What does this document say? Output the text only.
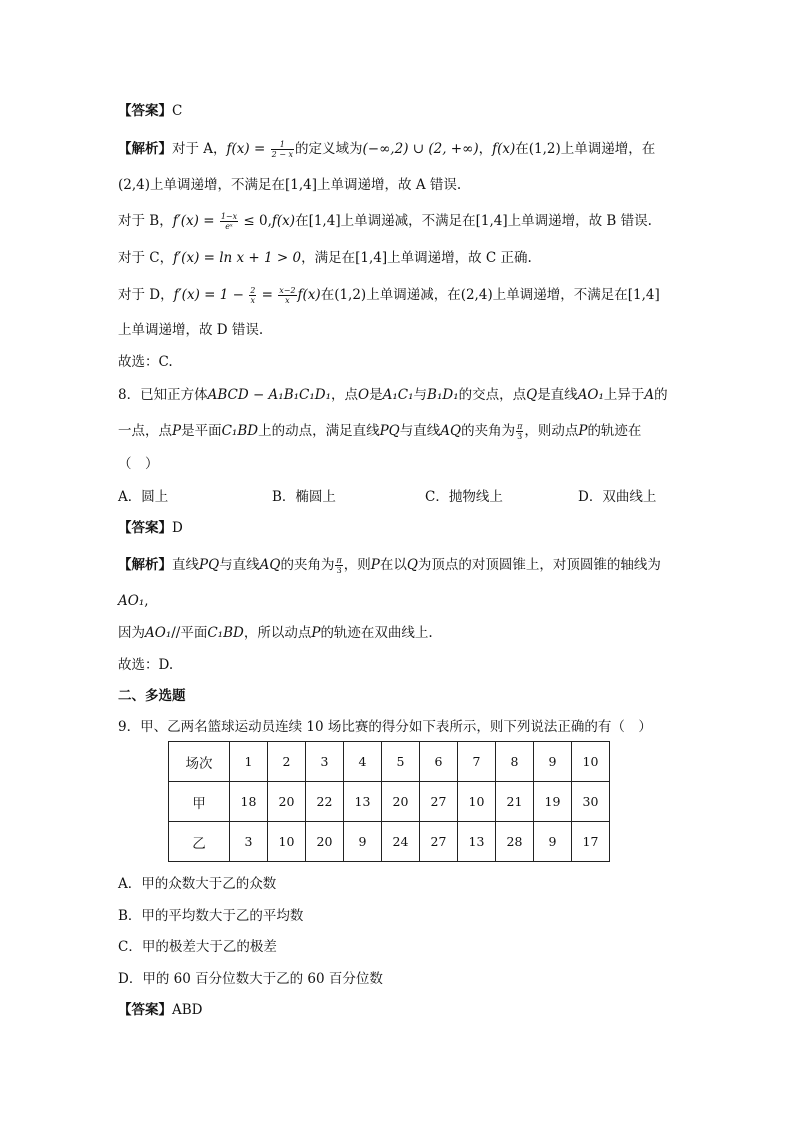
【答案】C
【解析】对于 A，$f(x) = \frac{1}{2 - x}$ 的定义域为(−∞,2) ∪ (2, +∞)，f(x)在(1,2)上单调递增，在
(2,4)上单调递增，不满足在[1,4]上单调递增，故 A 错误.
对于 B，$f'(x) = \frac{1-x}{\text{eˣ}} \le 0,f(x)$在[1,4]上单调递减，不满足在[1,4]上单调递增，故 B 错误.
对于 C，f′(x) = ln x + 1 > 0，满足在[1,4]上单调递增，故 C 正确.
对于 D，$f'(x) = 1 - \frac{2}{x} = \frac{x-2}{x} f(x)$在(1,2)上单调递减，在(2,4)上单调递增，不满足在[1,4]
上单调递增，故 D 错误.
故选：C.
8．已知正方体ABCD − A₁B₁C₁D₁，点O是A₁C₁与B₁D₁的交点，点Q是直线AO₁上异于A的
一点，点P是平面C₁BD上的动点，满足直线PQ与直线AQ的夹角为 $\frac{\pi}{3}$ ，则动点P的轨迹在
（　）
A．圆上	B．椭圆上	C．抛物线上	D．双曲线上
【答案】D
【解析】直线PQ与直线AQ的夹角为 $\frac{\pi}{3}$ ，则P在以Q为顶点的对顶圆锥上，对顶圆锥的轴线为
AO₁,
因为AO₁//平面C₁BD，所以动点P的轨迹在双曲线上.
故选：D.
二、多选题
9．甲、乙两名篮球运动员连续 10 场比赛的得分如下表所示，则下列说法正确的有（　）
场次	1	2	3	4	5	6	7	8	9	10
甲	18	20	22	13	20	27	10	21	19	30
乙	3	10	20	9	24	27	13	28	9	17
A．甲的众数大于乙的众数
B．甲的平均数大于乙的平均数
C．甲的极差大于乙的极差
D．甲的 60 百分位数大于乙的 60 百分位数
【答案】ABD
